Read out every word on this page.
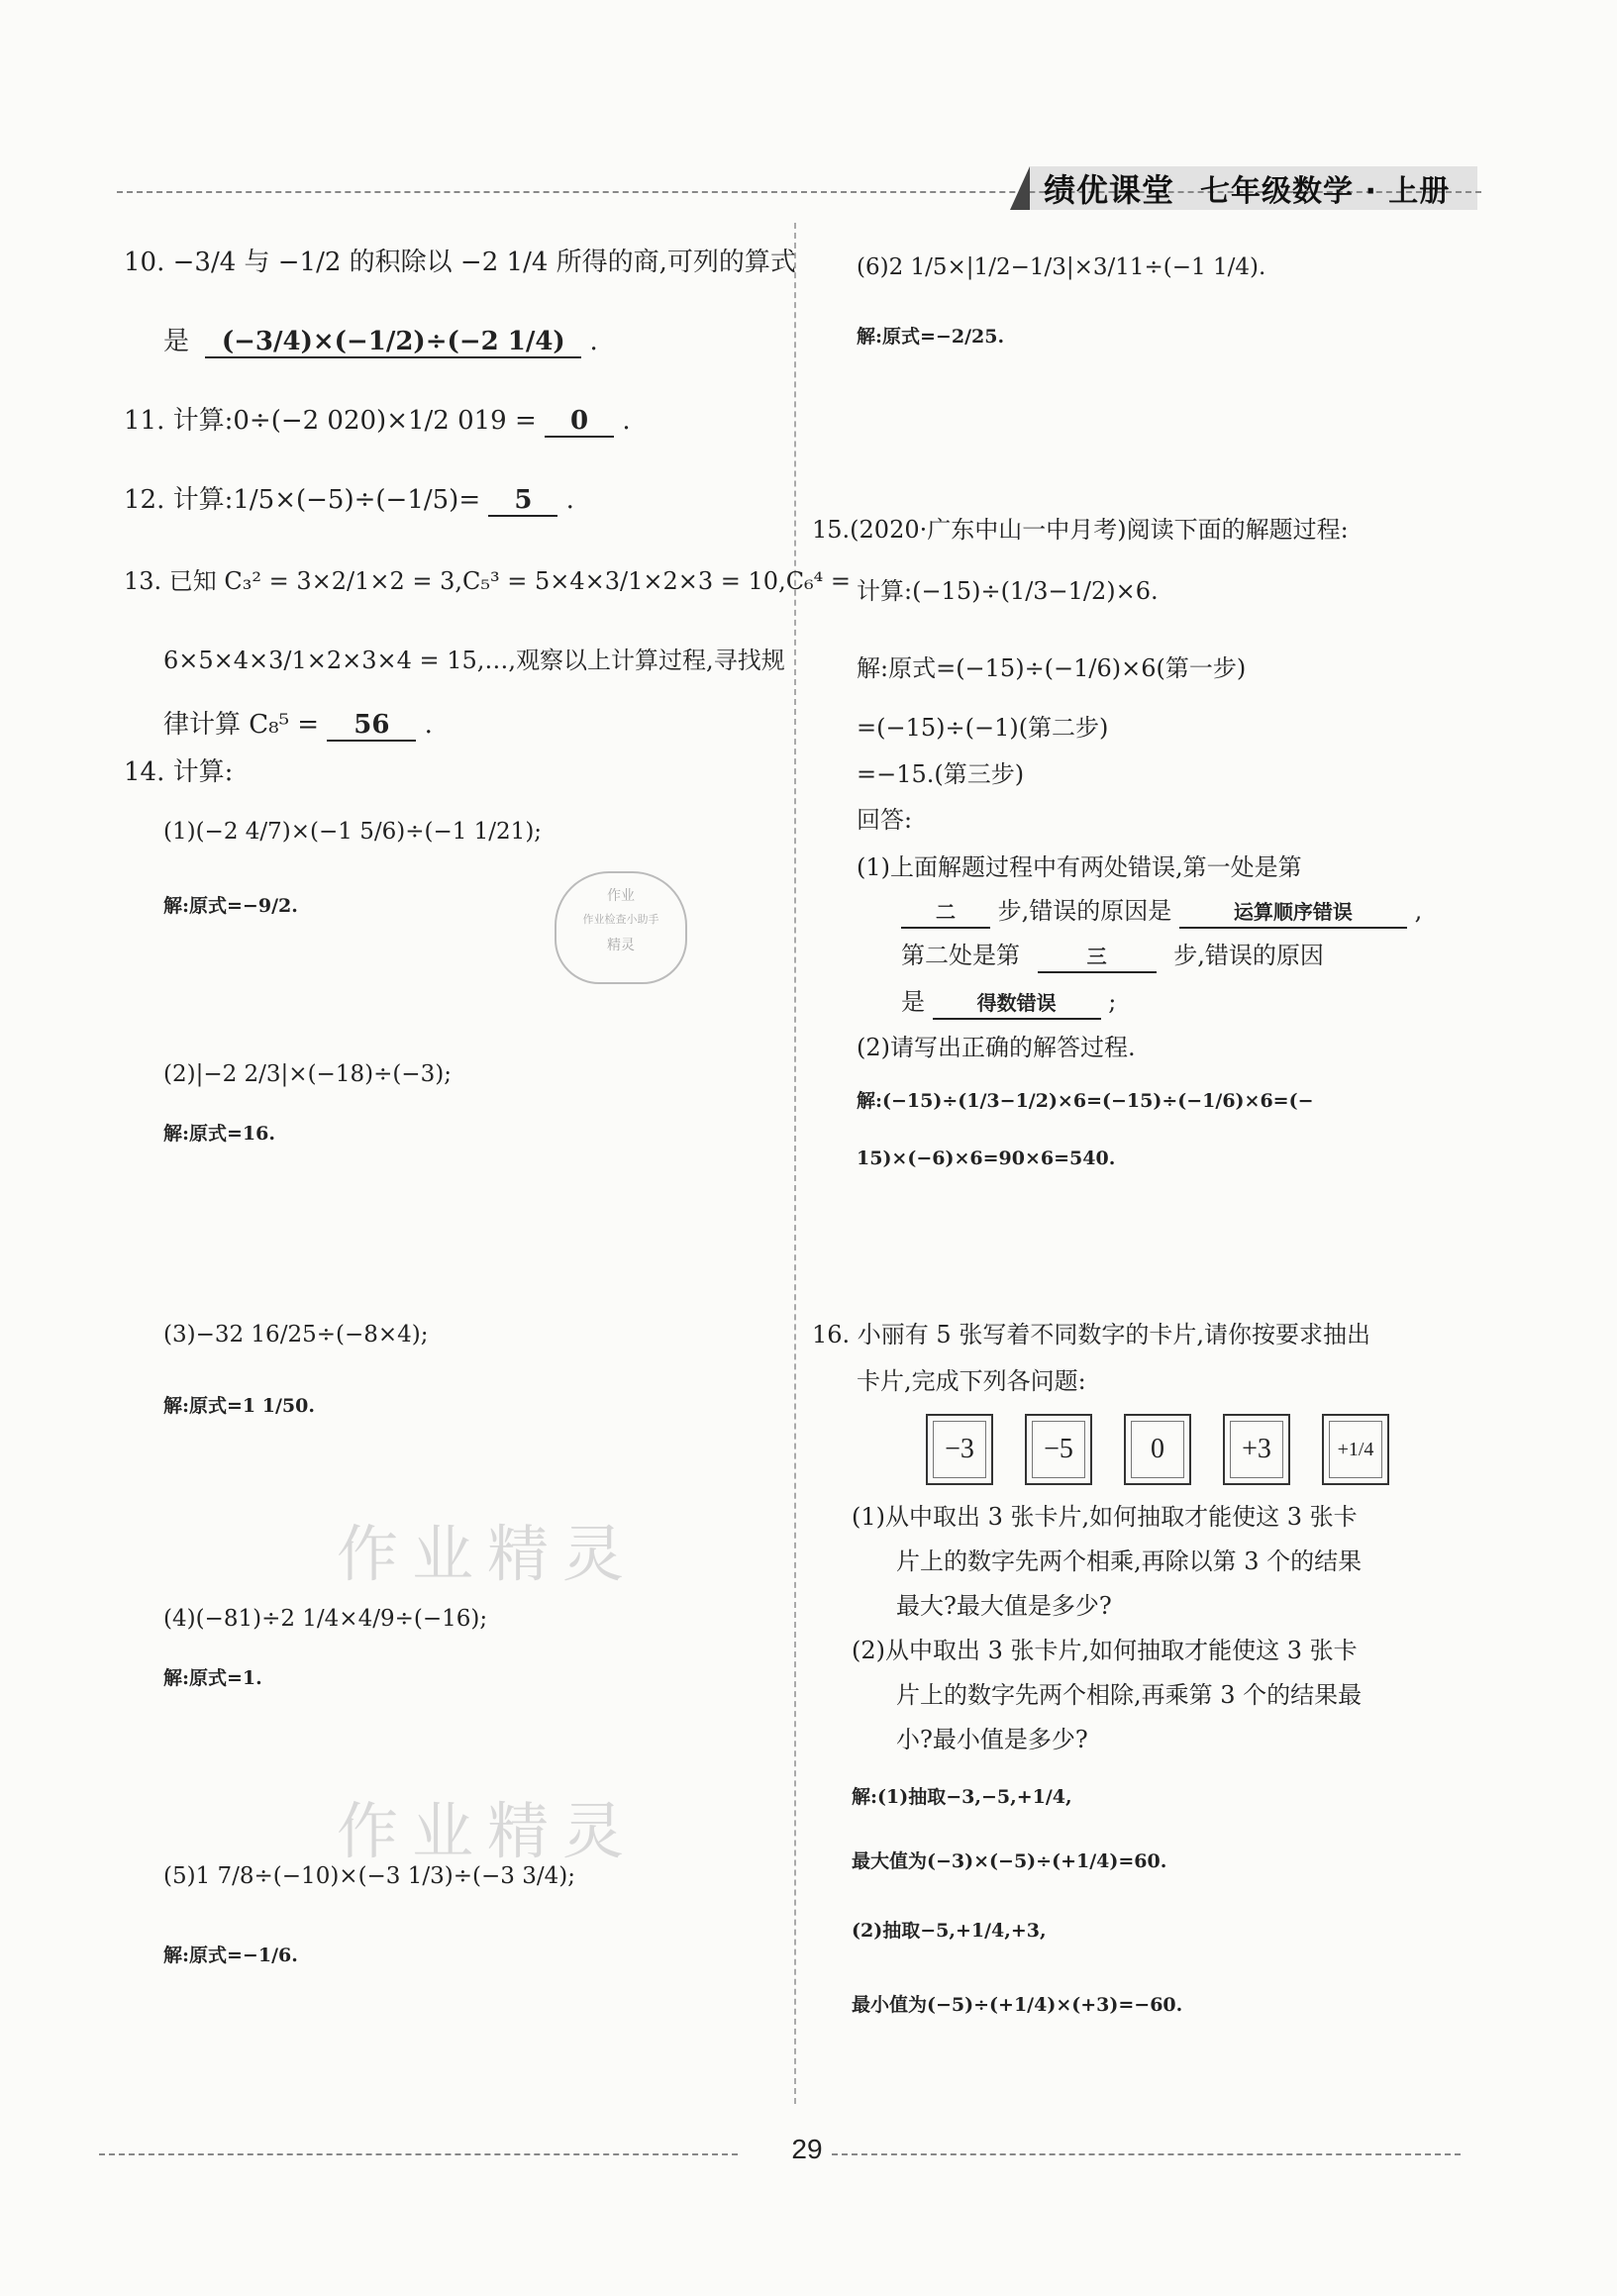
绩优课堂 七年级数学 · 上册
10. −3/4 与 −1/2 的积除以 −2 1/4 所得的商,可列的算式
是 (−3/4)×(−1/2)÷(−2 1/4) .
11. 计算:0÷(−2 020)×1/2 019 = 0 .
12. 计算:1/5×(−5)÷(−1/5)= 5 .
13. 已知 C₃² = 3×2/1×2 = 3,C₅³ = 5×4×3/1×2×3 = 10,C₆⁴ =
6×5×4×3/1×2×3×4 = 15,…,观察以上计算过程,寻找规
律计算 C₈⁵ = 56 .
14. 计算:
(1)(−2 4/7)×(−1 5/6)÷(−1 1/21);
解:原式=−9/2.	作业
作业检查小助手
精灵
(2)|−2 2/3|×(−18)÷(−3);
解:原式=16.
(3)−32 16/25÷(−8×4);
解:原式=1 1/50.
作业精灵
(4)(−81)÷2 1/4×4/9÷(−16);
解:原式=1.
作业精灵
(5)1 7/8÷(−10)×(−3 1/3)÷(−3 3/4);
解:原式=−1/6.
(6)2 1/5×|1/2−1/3|×3/11÷(−1 1/4).
解:原式=−2/25.
15.(2020·广东中山一中月考)阅读下面的解题过程:
计算:(−15)÷(1/3−1/2)×6.
解:原式=(−15)÷(−1/6)×6(第一步)
=(−15)÷(−1)(第二步)
=−15.(第三步)
回答:
(1)上面解题过程中有两处错误,第一处是第
二 步,错误的原因是	运算顺序错误	,
第二处是第	三	步,错误的原因
是	得数错误 ;
(2)请写出正确的解答过程.
解:(−15)÷(1/3−1/2)×6=(−15)÷(−1/6)×6=(−
15)×(−6)×6=90×6=540.
16. 小丽有 5 张写着不同数字的卡片,请你按要求抽出
卡片,完成下列各问题:
−3	−5	0	+3	+1/4
(1)从中取出 3 张卡片,如何抽取才能使这 3 张卡
片上的数字先两个相乘,再除以第 3 个的结果
最大?最大值是多少?
(2)从中取出 3 张卡片,如何抽取才能使这 3 张卡
片上的数字先两个相除,再乘第 3 个的结果最
小?最小值是多少?
解:(1)抽取−3,−5,+1/4,
最大值为(−3)×(−5)÷(+1/4)=60.
(2)抽取−5,+1/4,+3,
最小值为(−5)÷(+1/4)×(+3)=−60.
29
